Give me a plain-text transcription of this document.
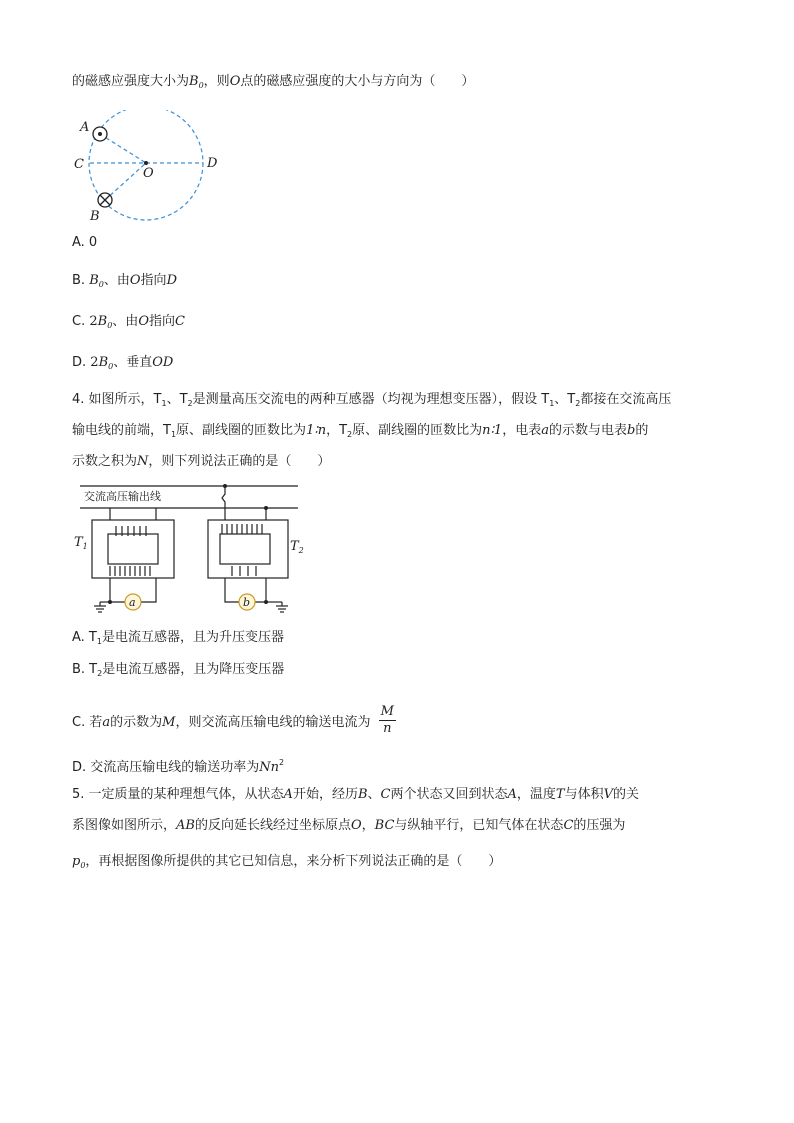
的磁感应强度大小为$B_0$，则O点的磁感应强度的大小与方向为（　　）
A
C
O
D
B
A. 0
B. $B_0$、由O指向D
C. $2B_0$、由O指向C
D. $2B_0$、垂直OD
4. 如图所示，$T_1$、$T_2$是测量高压交流电的两种互感器（均视为理想变压器），假设 $T_1$、$T_2$都接在交流高压
输电线的前端，$T_1$原、副线圈的匝数比为1∶n，$T_2$原、副线圈的匝数比为n∶1，电表a的示数与电表b的
示数之积为N，则下列说法正确的是（　　）
交流高压输出线
a
$T_1$
b
$T_2$
A. $T_1$是电流互感器，且为升压变压器
B. $T_2$是电流互感器，且为降压变压器
C. 若a的示数为M，则交流高压输电线的输送电流为 $\frac{M}{n}$
D. 交流高压输电线的输送功率为Nn$^2$
5. 一定质量的某种理想气体，从状态A开始，经历B、C两个状态又回到状态A，温度T与体积V的关
系图像如图所示，AB的反向延长线经过坐标原点O，BC与纵轴平行，已知气体在状态C的压强为
$p_0$，再根据图像所提供的其它已知信息，来分析下列说法正确的是（　　）
